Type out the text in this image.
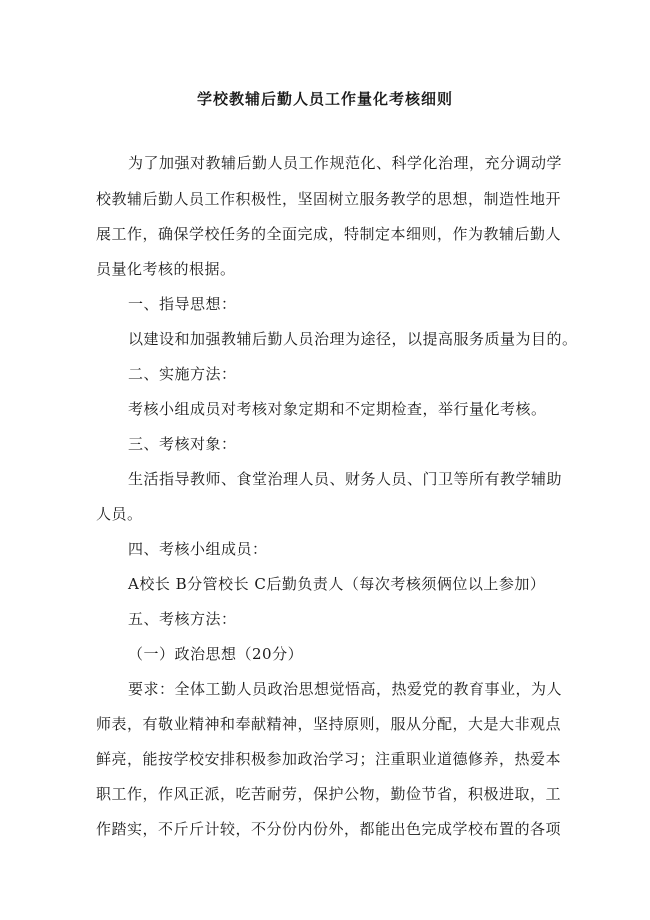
学校教辅后勤人员工作量化考核细则

为了加强对教辅后勤人员工作规范化、科学化治理，充分调动学

校教辅后勤人员工作积极性，坚固树立服务教学的思想，制造性地开

展工作，确保学校任务的全面完成，特制定本细则，作为教辅后勤人

员量化考核的根据。

一、指导思想：

以建设和加强教辅后勤人员治理为途径，以提高服务质量为目的。

二、实施方法：

考核小组成员对考核对象定期和不定期检查，举行量化考核。

三、考核对象：

生活指导教师、食堂治理人员、财务人员、门卫等所有教学辅助

人员。

四、考核小组成员：

A校长 B分管校长 C后勤负责人（每次考核须俩位以上参加）

五、考核方法：

（一）政治思想（20分）

要求：全体工勤人员政治思想觉悟高，热爱党的教育事业，为人

师表，有敬业精神和奉献精神，坚持原则，服从分配，大是大非观点

鲜亮，能按学校安排积极参加政治学习；注重职业道德修养，热爱本

职工作，作风正派，吃苦耐劳，保护公物，勤俭节省，积极进取，工

作踏实，不斤斤计较，不分份内份外，都能出色完成学校布置的各项
